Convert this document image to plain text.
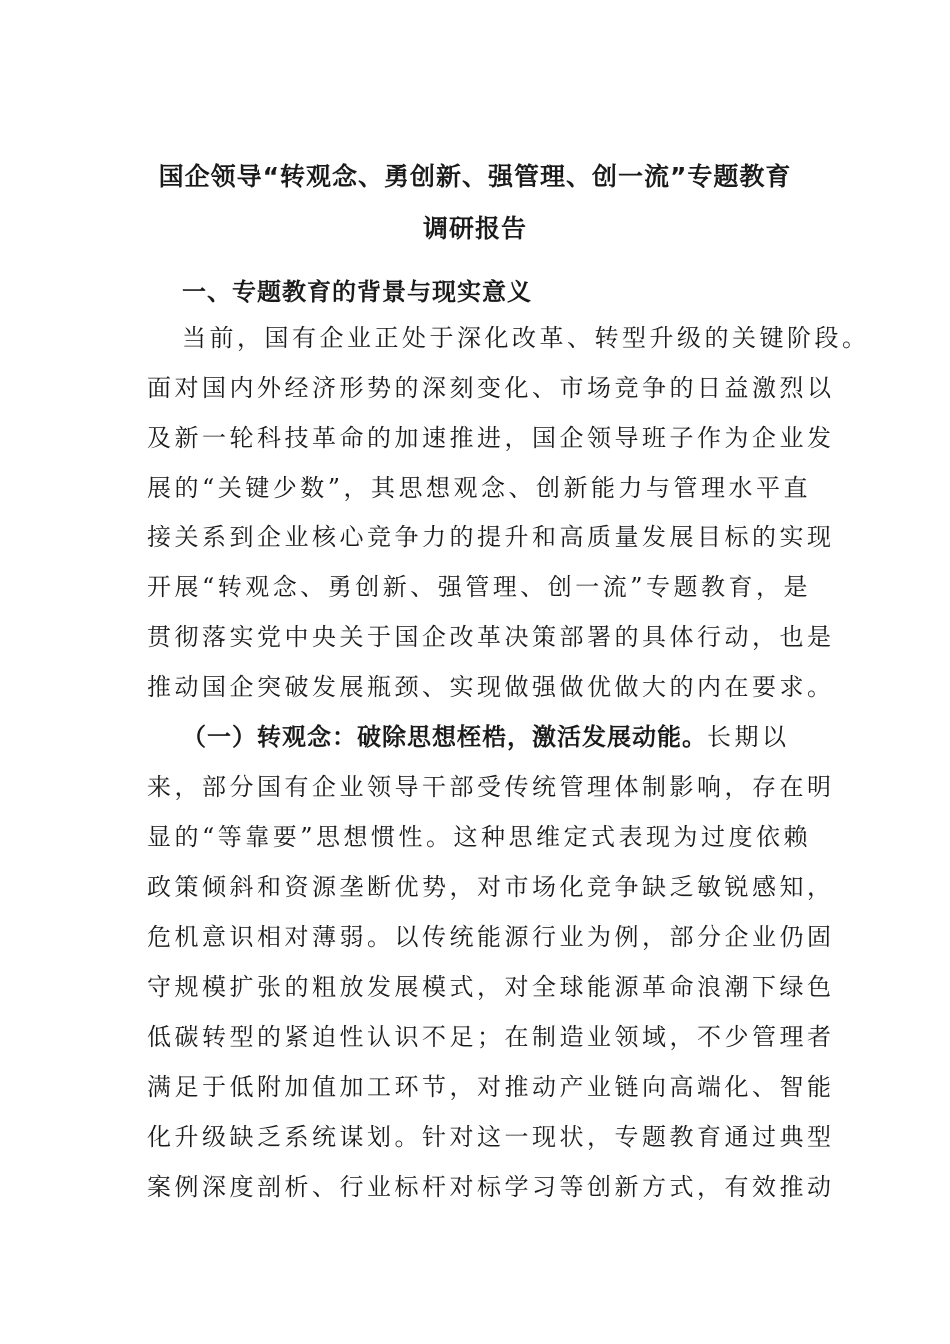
国企领导“转观念、勇创新、强管理、创一流”专题教育
调研报告
一、专题教育的背景与现实意义
当前，国有企业正处于深化改革、转型升级的关键阶段。
面对国内外经济形势的深刻变化、市场竞争的日益激烈以
及新一轮科技革命的加速推进，国企领导班子作为企业发
展的“关键少数”，其思想观念、创新能力与管理水平直
接关系到企业核心竞争力的提升和高质量发展目标的实现
开展“转观念、勇创新、强管理、创一流”专题教育，是
贯彻落实党中央关于国企改革决策部署的具体行动，也是
推动国企突破发展瓶颈、实现做强做优做大的内在要求。
（一）转观念：破除思想桎梏，激活发展动能。长期以
来，部分国有企业领导干部受传统管理体制影响，存在明
显的“等靠要”思想惯性。这种思维定式表现为过度依赖
政策倾斜和资源垄断优势，对市场化竞争缺乏敏锐感知，
危机意识相对薄弱。以传统能源行业为例，部分企业仍固
守规模扩张的粗放发展模式，对全球能源革命浪潮下绿色
低碳转型的紧迫性认识不足；在制造业领域，不少管理者
满足于低附加值加工环节，对推动产业链向高端化、智能
化升级缺乏系统谋划。针对这一现状，专题教育通过典型
案例深度剖析、行业标杆对标学习等创新方式，有效推动
